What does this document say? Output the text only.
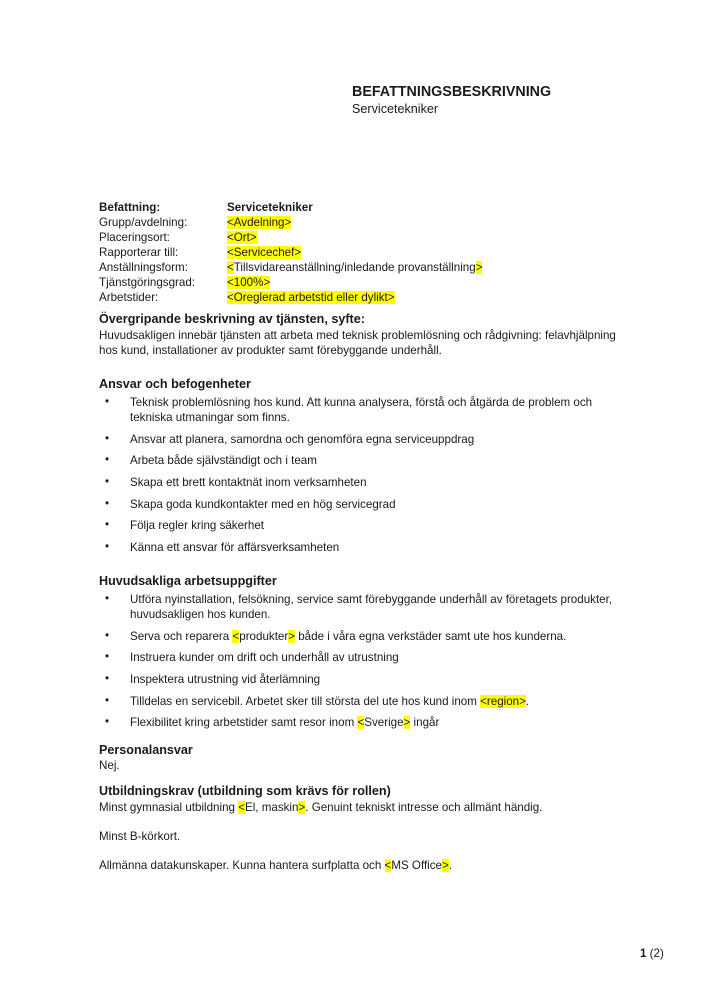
BEFATTNINGSBESKRIVNING
Servicetekniker
Befattning:	Servicetekniker
Grupp/avdelning:	<Avdelning>
Placeringsort:	<Ort>
Rapporterar till:	<Servicechef>
Anställningsform:	<Tillsvidareanställning/inledande provanställning>
Tjänstgöringsgrad:	<100%>
Arbetstider:	<Oreglerad arbetstid eller dylikt>
Övergripande beskrivning av tjänsten, syfte:

Huvudsakligen innebär tjänsten att arbeta med teknisk problemlösning och rådgivning: felavhjälpning hos kund, installationer av produkter samt förebyggande underhåll.

Ansvar och befogenheter
• Teknisk problemlösning hos kund. Att kunna analysera, förstå och åtgärda de problem och tekniska utmaningar som finns.
• Ansvar att planera, samordna och genomföra egna serviceuppdrag
• Arbeta både självständigt och i team
• Skapa ett brett kontaktnät inom verksamheten
• Skapa goda kundkontakter med en hög servicegrad
• Följa regler kring säkerhet
• Känna ett ansvar för affärsverksamheten
Huvudsakliga arbetsuppgifter
• Utföra nyinstallation, felsökning, service samt förebyggande underhåll av företagets produkter, huvudsakligen hos kunden.
• Serva och reparera <produkter> både i våra egna verkstäder samt ute hos kunderna.
• Instruera kunder om drift och underhåll av utrustning
• Inspektera utrustning vid återlämning
• Tilldelas en servicebil. Arbetet sker till största del ute hos kund inom <region>.
• Flexibilitet kring arbetstider samt resor inom <Sverige> ingår
Personalansvar

Nej.

Utbildningskrav (utbildning som krävs för rollen)

Minst gymnasial utbildning <El, maskin>. Genuint tekniskt intresse och allmänt händig.

Minst B-körkort.

Allmänna datakunskaper. Kunna hantera surfplatta och <MS Office>.

1 (2)
